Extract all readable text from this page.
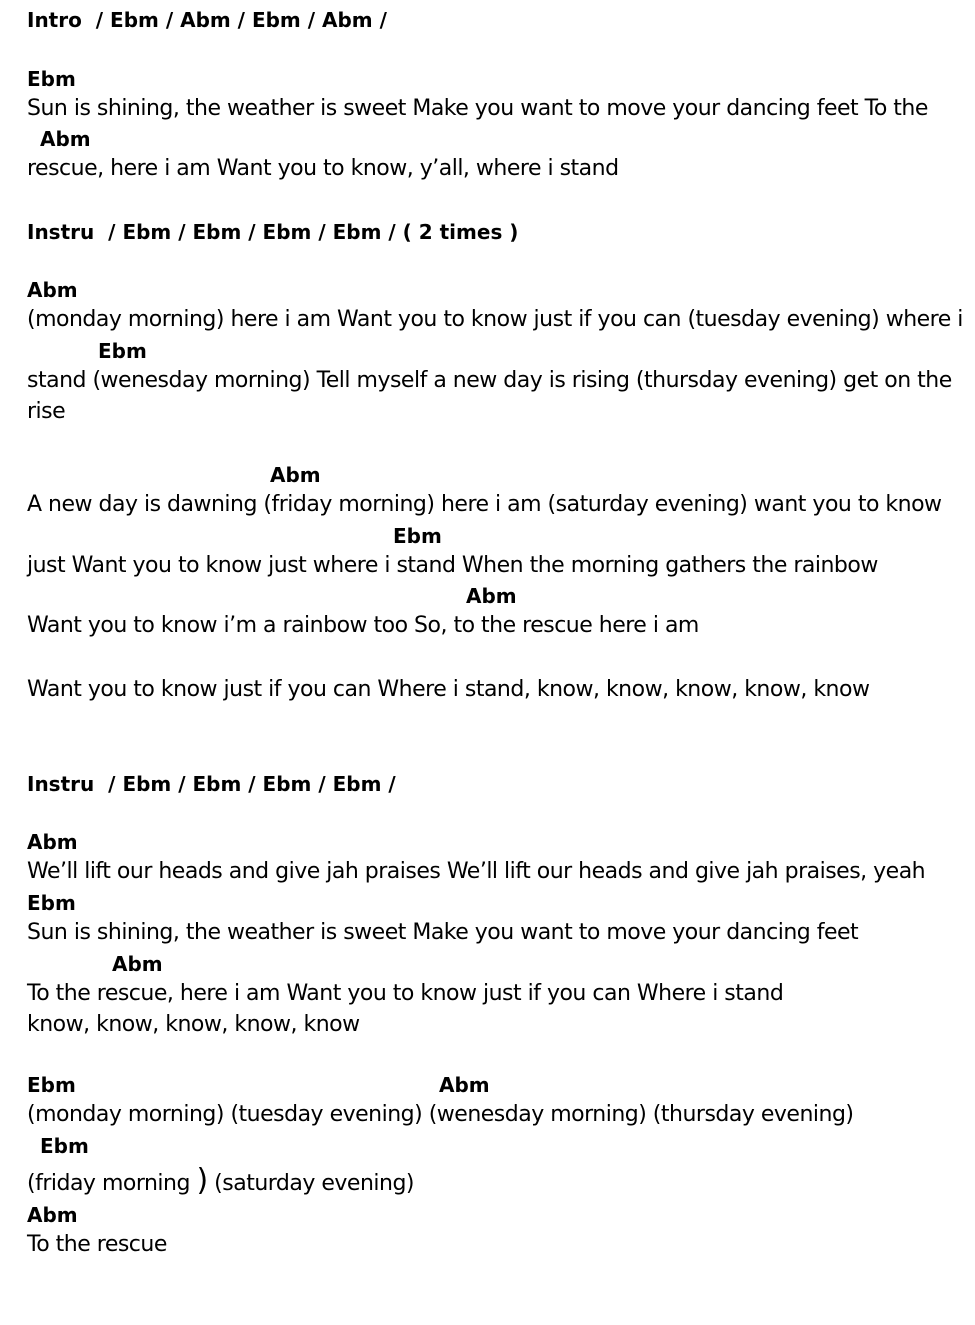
Intro  / Ebm / Abm / Ebm / Abm /
Ebm
Sun is shining, the weather is sweet Make you want to move your dancing feet To the
Abm
rescue, here i am Want you to know, y’all, where i stand
Instru  / Ebm / Ebm / Ebm / Ebm / ( 2 times )
Abm
(monday morning) here i am Want you to know just if you can (tuesday evening) where i
Ebm
stand (wenesday morning) Tell myself a new day is rising (thursday evening) get on the
rise
Abm
A new day is dawning (friday morning) here i am (saturday evening) want you to know
Ebm
just Want you to know just where i stand When the morning gathers the rainbow
Abm
Want you to know i’m a rainbow too So, to the rescue here i am
Want you to know just if you can Where i stand, know, know, know, know, know
Instru  / Ebm / Ebm / Ebm / Ebm /
Abm
We’ll lift our heads and give jah praises We’ll lift our heads and give jah praises, yeah
Ebm
Sun is shining, the weather is sweet Make you want to move your dancing feet
Abm
To the rescue, here i am Want you to know just if you can Where i stand
know, know, know, know, know
Ebm	Abm
(monday morning) (tuesday evening) (wenesday morning) (thursday evening)
Ebm
(friday morning ) (saturday evening)
Abm
To the rescue
